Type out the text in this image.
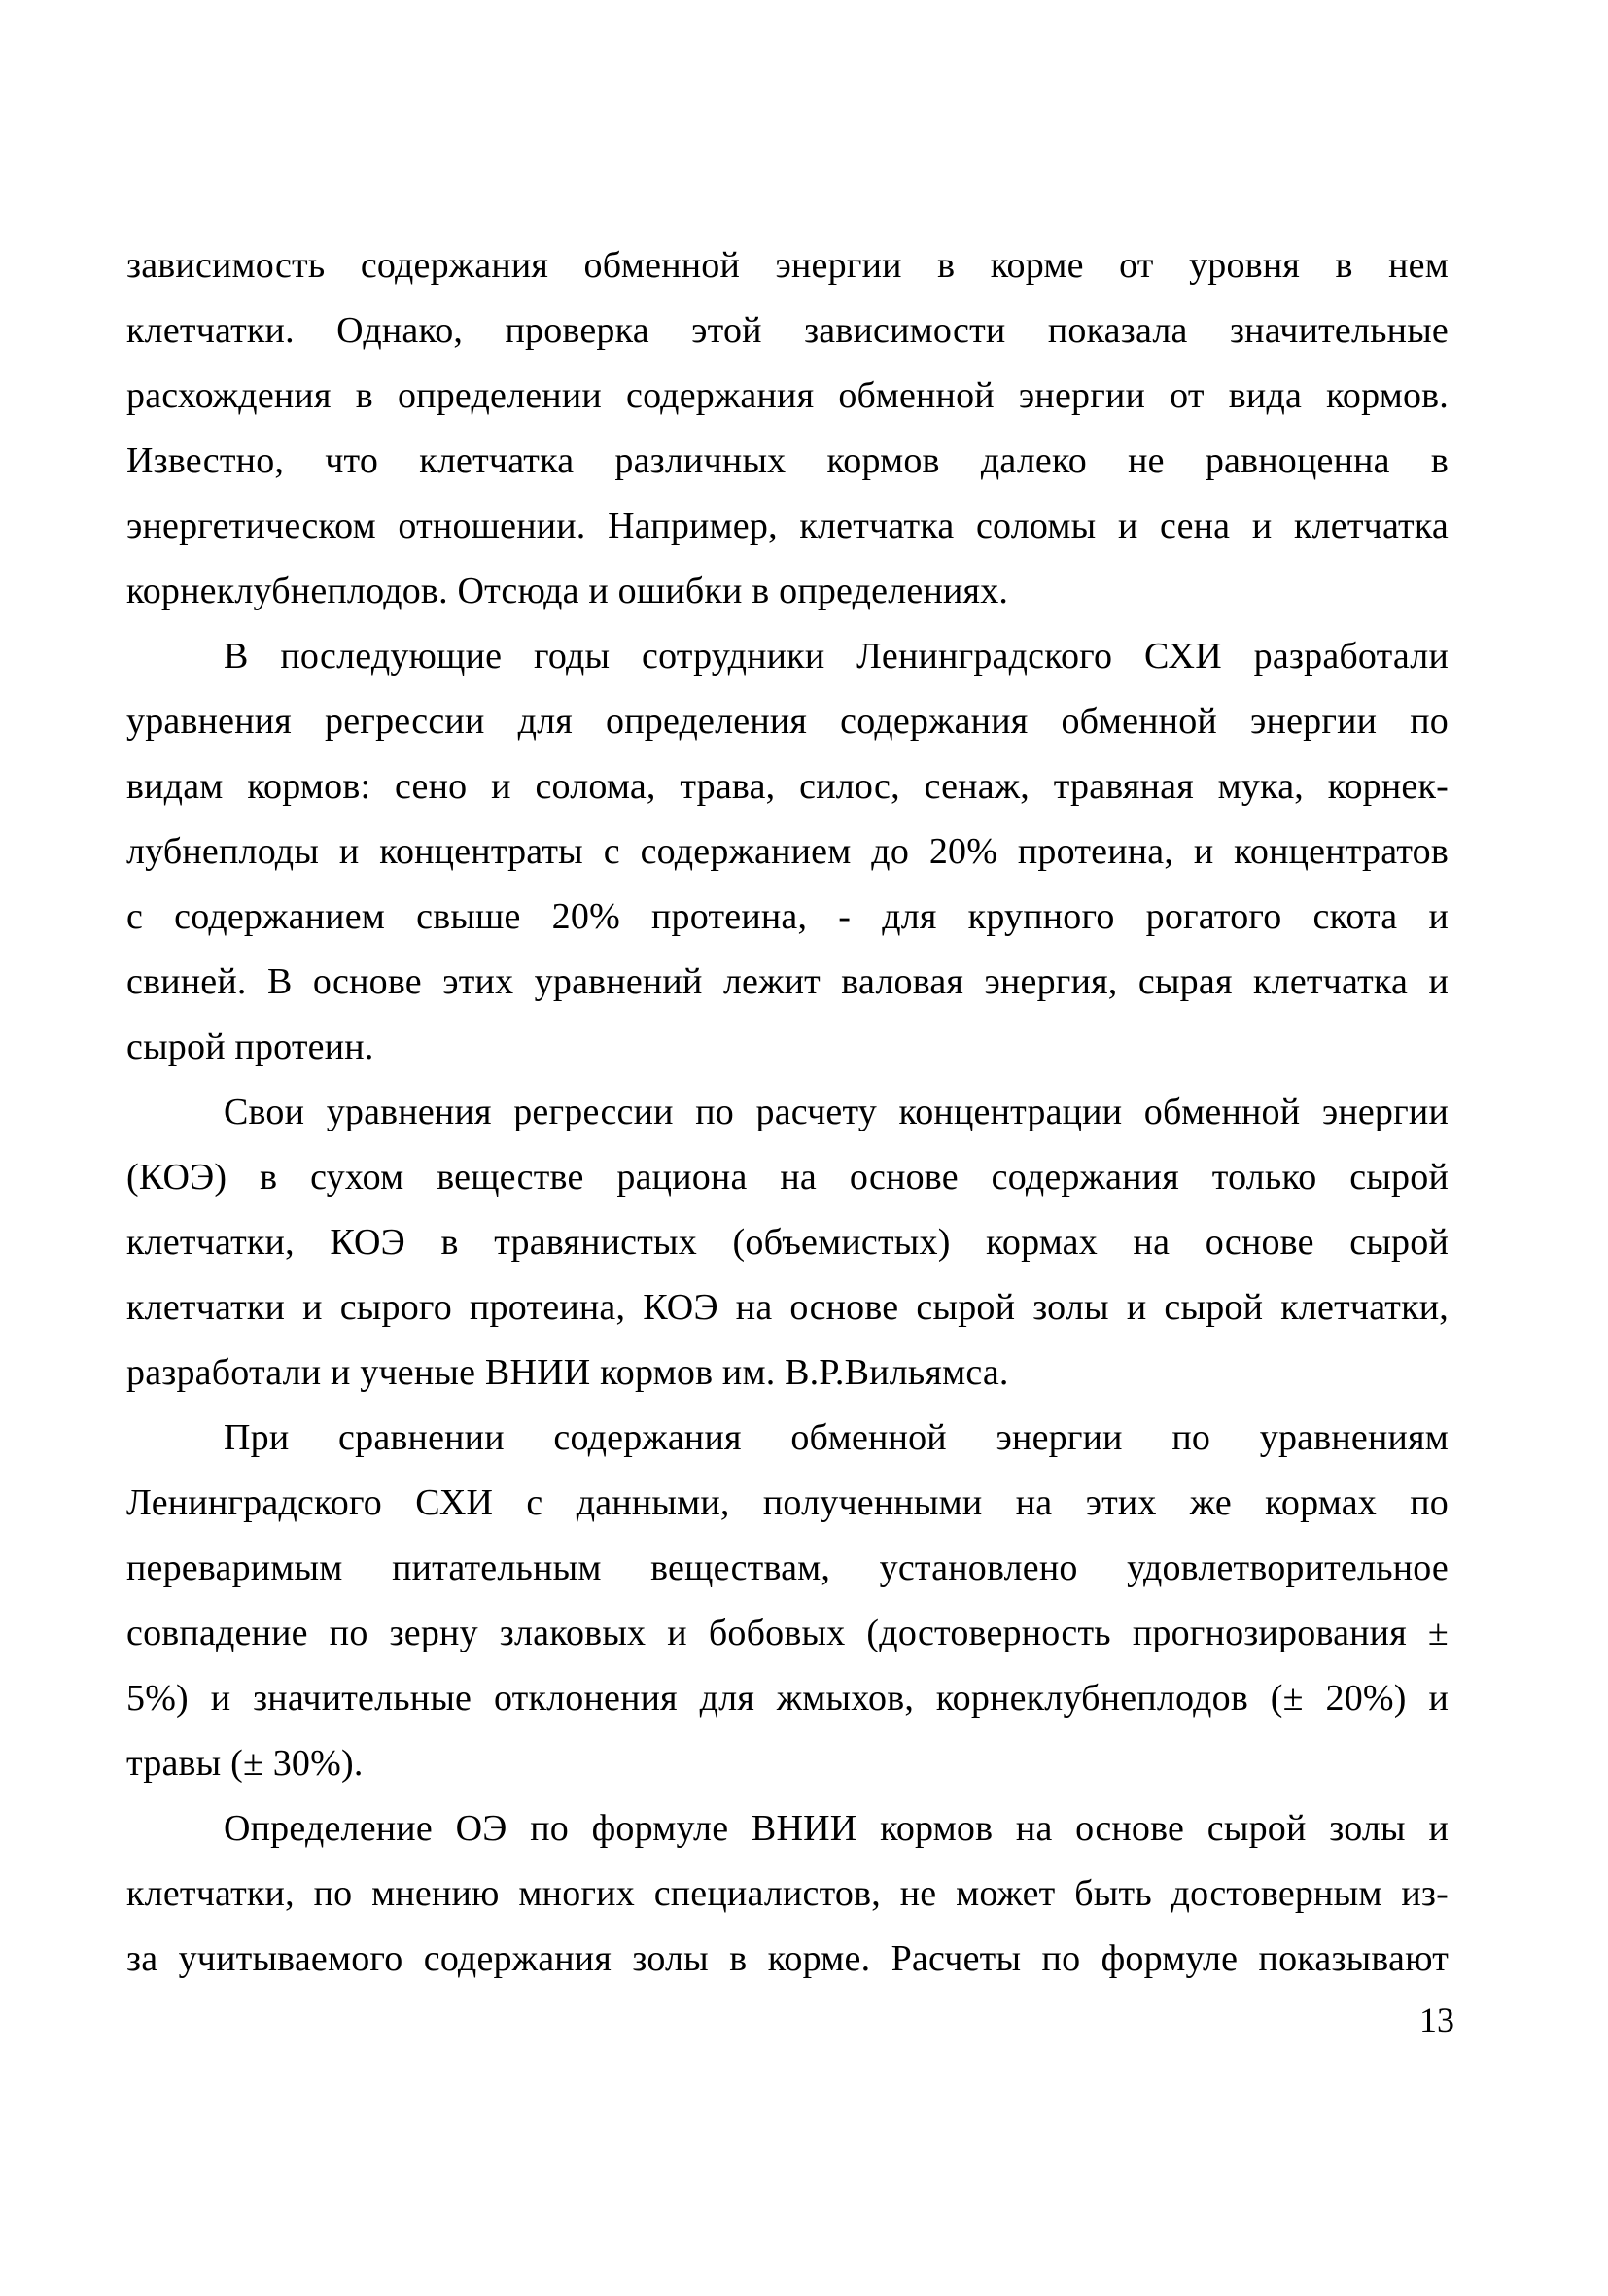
зависимость содержания обменной энергии в корме от уровня в нем
клетчатки. Однако, проверка этой зависимости показала значительные
расхождения в определении содержания обменной энергии от вида кормов.
Известно, что клетчатка различных кормов далеко не равноценна в
энергетическом отношении. Например, клетчатка соломы и сена и клетчатка
корнеклубнеплодов. Отсюда и ошибки в определениях.
В последующие годы сотрудники Ленинградского СХИ разработали
уравнения регрессии для определения содержания обменной энергии по
видам кормов: сено и солома, трава, силос, сенаж, травяная мука, корнек-
лубнеплоды и концентраты с содержанием до 20% протеина, и концентратов
с содержанием свыше 20% протеина, - для крупного рогатого скота и
свиней. В основе этих уравнений лежит валовая энергия, сырая клетчатка и
сырой протеин.
Свои уравнения регрессии по расчету концентрации обменной энергии
(КОЭ) в сухом веществе рациона на основе содержания только сырой
клетчатки, КОЭ в травянистых (объемистых) кормах на основе сырой
клетчатки и сырого протеина, КОЭ на основе сырой золы и сырой клетчатки,
разработали и ученые ВНИИ кормов им. В.Р.Вильямса.
При сравнении содержания обменной энергии по уравнениям
Ленинградского СХИ с данными, полученными на этих же кормах по
переваримым питательным веществам, установлено удовлетворительное
совпадение по зерну злаковых и бобовых (достоверность прогнозирования ±
5%) и значительные отклонения для жмыхов, корнеклубнеплодов (± 20%) и
травы (± 30%).
Определение ОЭ по формуле ВНИИ кормов на основе сырой золы и
клетчатки, по мнению многих специалистов, не может быть достоверным из-
за учитываемого содержания золы в корме. Расчеты по формуле показывают
13
